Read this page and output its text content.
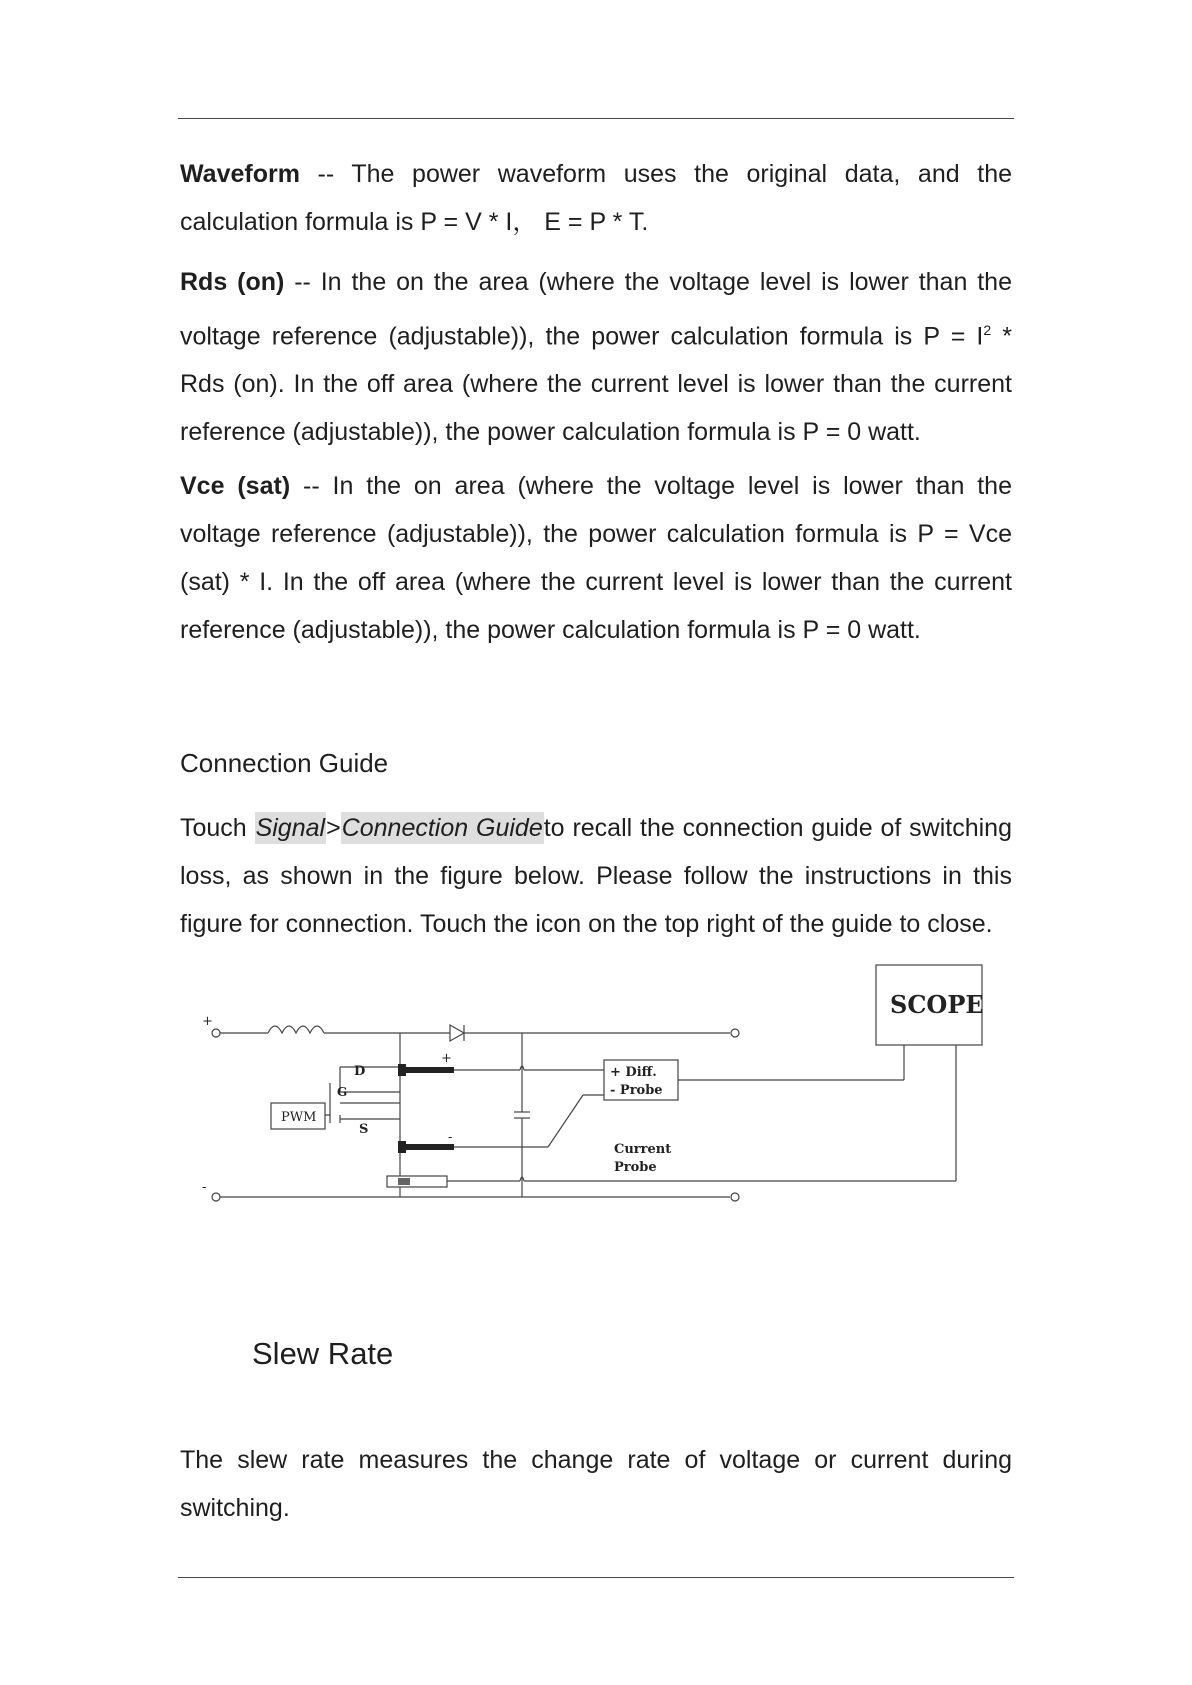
Waveform -- The power waveform uses the original data, and the calculation formula is P = V * I， E = P * T.

Rds (on) -- In the on the area (where the voltage level is lower than the voltage reference (adjustable)), the power calculation formula is $P = I^2$ * Rds (on). In the off area (where the current level is lower than the current reference (adjustable)), the power calculation formula is P = 0 watt.

Vce (sat) -- In the on area (where the voltage level is lower than the voltage reference (adjustable)), the power calculation formula is P = Vce (sat) * I. In the off area (where the current level is lower than the current reference (adjustable)), the power calculation formula is P = 0 watt.

Connection Guide

Touch Signal>Connection Guideto recall the connection guide of switching loss, as shown in the figure below. Please follow the instructions in this figure for connection. Touch the icon on the top right of the guide to close.

+
-
D
G
S
PWM
+
-
+ Diff.
- Probe
Current
Probe
SCOPE
Slew Rate

The slew rate measures the change rate of voltage or current during switching.
